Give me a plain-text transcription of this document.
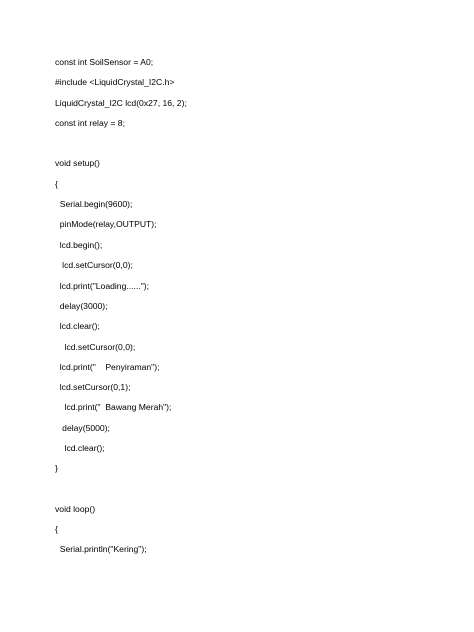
const int SoilSensor = A0;
#include <LiquidCrystal_I2C.h>
LiquidCrystal_I2C lcd(0x27, 16, 2);
const int relay = 8;
void setup()
{
Serial.begin(9600);
pinMode(relay,OUTPUT);
lcd.begin();
lcd.setCursor(0,0);
lcd.print("Loading......");
delay(3000);
lcd.clear();
lcd.setCursor(0,0);
lcd.print("    Penyiraman");
lcd.setCursor(0,1);
lcd.print("  Bawang Merah");
delay(5000);
lcd.clear();
}
void loop()
{
Serial.println("Kering");
